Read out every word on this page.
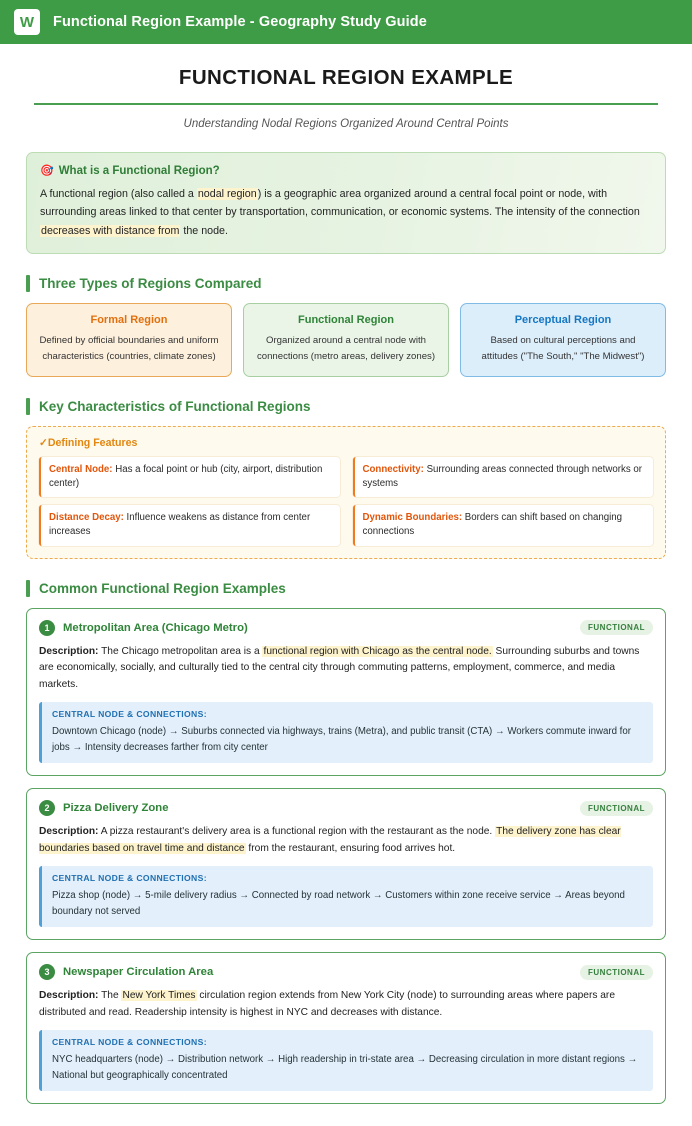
W Functional Region Example - Geography Study Guide
FUNCTIONAL REGION EXAMPLE
Understanding Nodal Regions Organized Around Central Points
🎯 What is a Functional Region?
A functional region (also called a nodal region) is a geographic area organized around a central focal point or node, with surrounding areas linked to that center by transportation, communication, or economic systems. The intensity of the connection decreases with distance from the node.
Three Types of Regions Compared
Formal Region
Defined by official boundaries and uniform characteristics (countries, climate zones)
Functional Region
Organized around a central node with connections (metro areas, delivery zones)
Perceptual Region
Based on cultural perceptions and attitudes ("The South," "The Midwest")
Key Characteristics of Functional Regions
✓Defining Features
Central Node: Has a focal point or hub (city, airport, distribution center)
Connectivity: Surrounding areas connected through networks or systems
Distance Decay: Influence weakens as distance from center increases
Dynamic Boundaries: Borders can shift based on changing connections
Common Functional Region Examples
1	Metropolitan Area (Chicago Metro)	FUNCTIONAL
Description: The Chicago metropolitan area is a functional region with Chicago as the central node. Surrounding suburbs and towns are economically, socially, and culturally tied to the central city through commuting patterns, employment, commerce, and media markets.
CENTRAL NODE & CONNECTIONS:
Downtown Chicago (node) → Suburbs connected via highways, trains (Metra), and public transit (CTA) → Workers commute inward for jobs → Intensity decreases farther from city center
2	Pizza Delivery Zone	FUNCTIONAL
Description: A pizza restaurant's delivery area is a functional region with the restaurant as the node. The delivery zone has clear boundaries based on travel time and distance from the restaurant, ensuring food arrives hot.
CENTRAL NODE & CONNECTIONS:
Pizza shop (node) → 5-mile delivery radius → Connected by road network → Customers within zone receive service → Areas beyond boundary not served
3	Newspaper Circulation Area	FUNCTIONAL
Description: The New York Times circulation region extends from New York City (node) to surrounding areas where papers are distributed and read. Readership intensity is highest in NYC and decreases with distance.
CENTRAL NODE & CONNECTIONS:
NYC headquarters (node) → Distribution network → High readership in tri-state area → Decreasing circulation in more distant regions → National but geographically concentrated
